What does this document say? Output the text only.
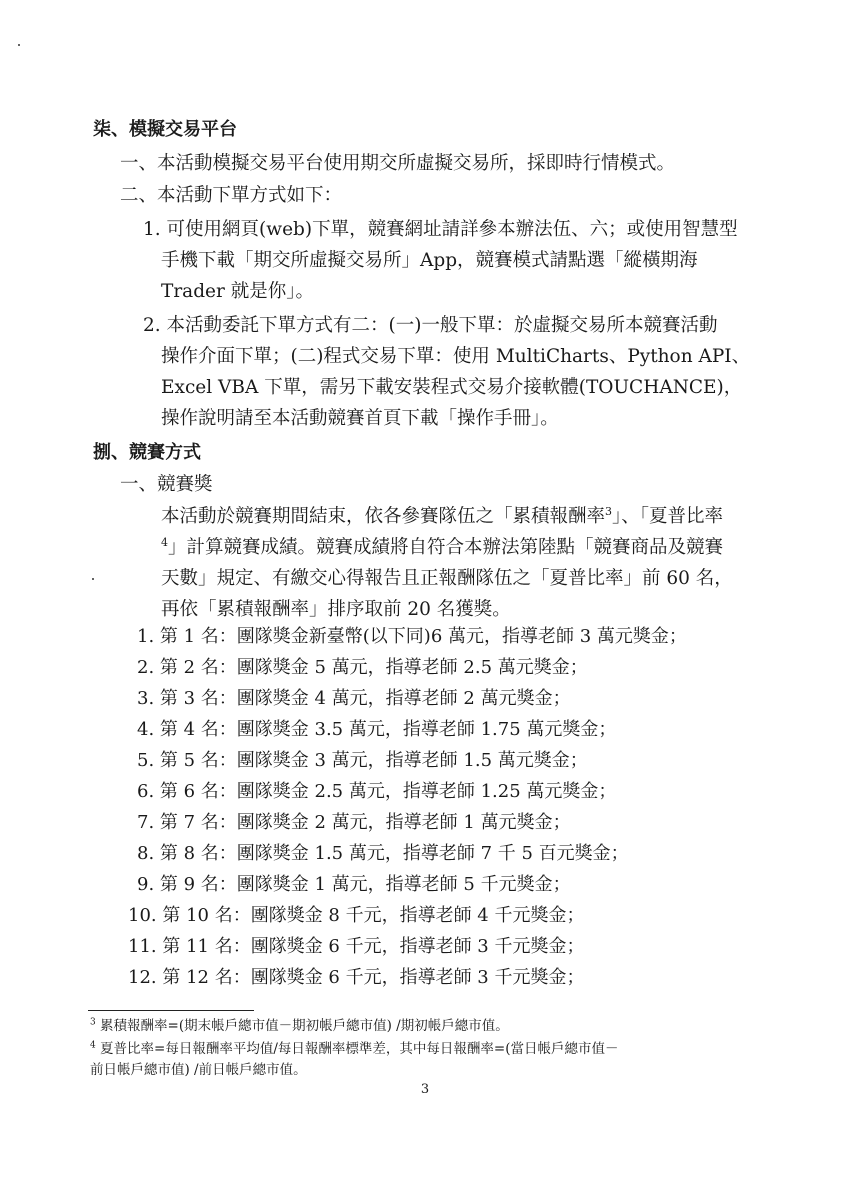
柒、模擬交易平台
一、本活動模擬交易平台使用期交所虛擬交易所，採即時行情模式。
二、本活動下單方式如下：
1. 可使用網頁(web)下單，競賽網址請詳參本辦法伍、六；或使用智慧型
手機下載「期交所虛擬交易所」App，競賽模式請點選「縱橫期海
Trader 就是你」。
2. 本活動委託下單方式有二：(一)一般下單：於虛擬交易所本競賽活動
操作介面下單；(二)程式交易下單：使用 MultiCharts、Python API、
Excel VBA 下單，需另下載安裝程式交易介接軟體(TOUCHANCE)，
操作說明請至本活動競賽首頁下載「操作手冊」。
捌、競賽方式
一、競賽獎
本活動於競賽期間結束，依各參賽隊伍之「累積報酬率$^3$」、「夏普比率
$^4$」計算競賽成績。競賽成績將自符合本辦法第陸點「競賽商品及競賽
天數」規定、有繳交心得報告且正報酬隊伍之「夏普比率」前 60 名，
再依「累積報酬率」排序取前 20 名獲獎。
1. 第 1 名：團隊獎金新臺幣(以下同)6 萬元，指導老師 3 萬元獎金；
2. 第 2 名：團隊獎金 5 萬元，指導老師 2.5 萬元獎金；
3. 第 3 名：團隊獎金 4 萬元，指導老師 2 萬元獎金；
4. 第 4 名：團隊獎金 3.5 萬元，指導老師 1.75 萬元獎金；
5. 第 5 名：團隊獎金 3 萬元，指導老師 1.5 萬元獎金；
6. 第 6 名：團隊獎金 2.5 萬元，指導老師 1.25 萬元獎金；
7. 第 7 名：團隊獎金 2 萬元，指導老師 1 萬元獎金；
8. 第 8 名：團隊獎金 1.5 萬元，指導老師 7 千 5 百元獎金；
9. 第 9 名：團隊獎金 1 萬元，指導老師 5 千元獎金；
10. 第 10 名：團隊獎金 8 千元，指導老師 4 千元獎金；
11. 第 11 名：團隊獎金 6 千元，指導老師 3 千元獎金；
12. 第 12 名：團隊獎金 6 千元，指導老師 3 千元獎金；
$^3$ 累積報酬率=(期末帳戶總市值－期初帳戶總市值) /期初帳戶總市值。
$^4$ 夏普比率=每日報酬率平均值/每日報酬率標準差，其中每日報酬率=(當日帳戶總市值－
前日帳戶總市值) /前日帳戶總市值。
3
